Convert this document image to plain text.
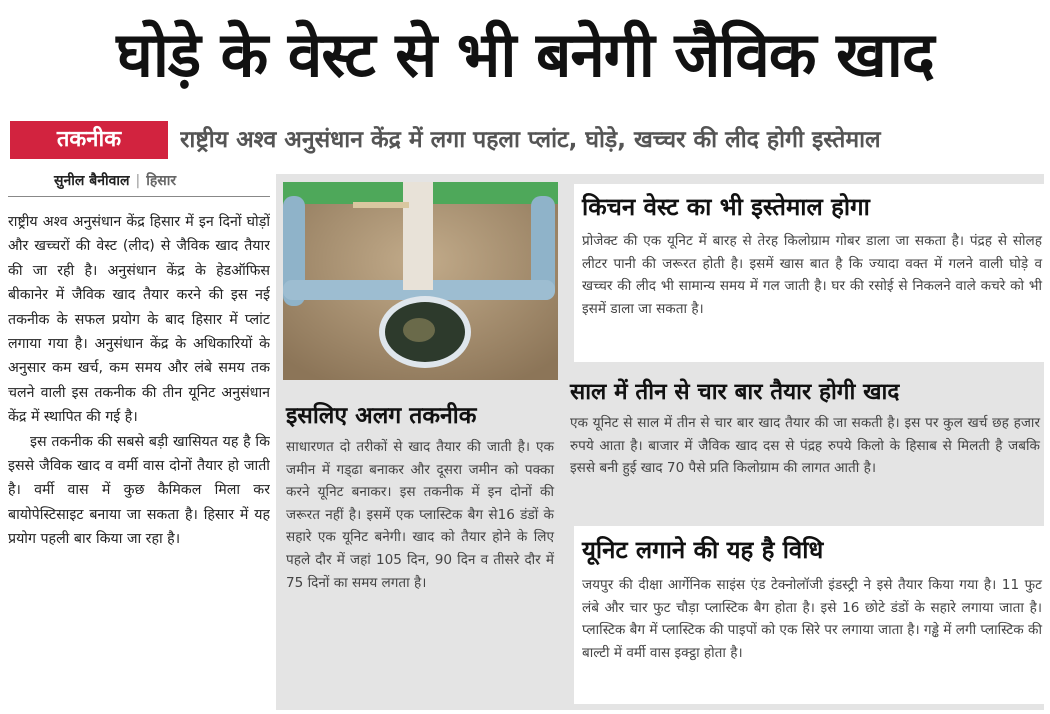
घोड़े के वेस्ट से भी बनेगी जैविक खाद
तकनीक	राष्ट्रीय अश्व अनुसंधान केंद्र में लगा पहला प्लांट, घोड़े, खच्चर की लीद होगी इस्तेमाल
सुनील बैनीवाल | हिसार

राष्ट्रीय अश्व अनुसंधान केंद्र हिसार में इन दिनों घोड़ों और खच्चरों की वेस्ट (लीद) से जैविक खाद तैयार की जा रही है। अनुसंधान केंद्र के हेडऑफिस बीकानेर में जैविक खाद तैयार करने की इस नई तकनीक के सफल प्रयोग के बाद हिसार में प्लांट लगाया गया है। अनुसंधान केंद्र के अधिकारियों के अनुसार कम खर्च, कम समय और लंबे समय तक चलने वाली इस तकनीक की तीन यूनिट अनुसंधान केंद्र में स्थापित की गई है।

इस तकनीक की सबसे बड़ी खासियत यह है कि इससे जैविक खाद व वर्मी वास दोनों तैयार हो जाती है। वर्मी वास में कुछ कैमिकल मिला कर बायोपेस्टिसाइट बनाया जा सकता है। हिसार में यह प्रयोग पहली बार किया जा रहा है।

इसलिए अलग तकनीक
साधारणत दो तरीकों से खाद तैयार की जाती है। एक जमीन में गड्‌ढा बनाकर और दूसरा जमीन को पक्का करने यूनिट बनाकर। इस तकनीक में इन दोनों की जरूरत नहीं है। इसमें एक प्लास्टिक बैग से16 डंडों के सहारे एक यूनिट बनेगी। खाद को तैयार होने के लिए पहले दौर में जहां 105 दिन, 90 दिन व तीसरे दौर में 75 दिनों का समय लगता है।
किचन वेस्ट का भी इस्तेमाल होगा
प्रोजेक्ट की एक यूनिट में बारह से तेरह किलोग्राम गोबर डाला जा सकता है। पंद्रह से सोलह लीटर पानी की जरूरत होती है। इसमें खास बात है कि ज्यादा वक्त में गलने वाली घोड़े व खच्चर की लीद भी सामान्य समय में गल जाती है। घर की रसोई से निकलने वाले कचरे को भी इसमें डाला जा सकता है।
साल में तीन से चार बार तैयार होगी खाद
एक यूनिट से साल में तीन से चार बार खाद तैयार की जा सकती है। इस पर कुल खर्च छह हजार रुपये आता है। बाजार में जैविक खाद दस से पंद्रह रुपये किलो के हिसाब से मिलती है जबकि इससे बनी हुई खाद 70 पैसे प्रति किलोग्राम की लागत आती है।
यूनिट लगाने की यह है विधि
जयपुर की दीक्षा आर्गेनिक साइंस एंड टेक्नोलॉजी इंडस्ट्री ने इसे तैयार किया गया है। 11 फुट लंबे और चार फुट चौड़ा प्लास्टिक बैग होता है। इसे 16 छोटे डंडों के सहारे लगाया जाता है। प्लास्टिक बैग में प्लास्टिक की पाइपों को एक सिरे पर लगाया जाता है। गड्ढे में लगी प्लास्टिक की बाल्टी में वर्मी वास इक्ट्ठा होता है।
